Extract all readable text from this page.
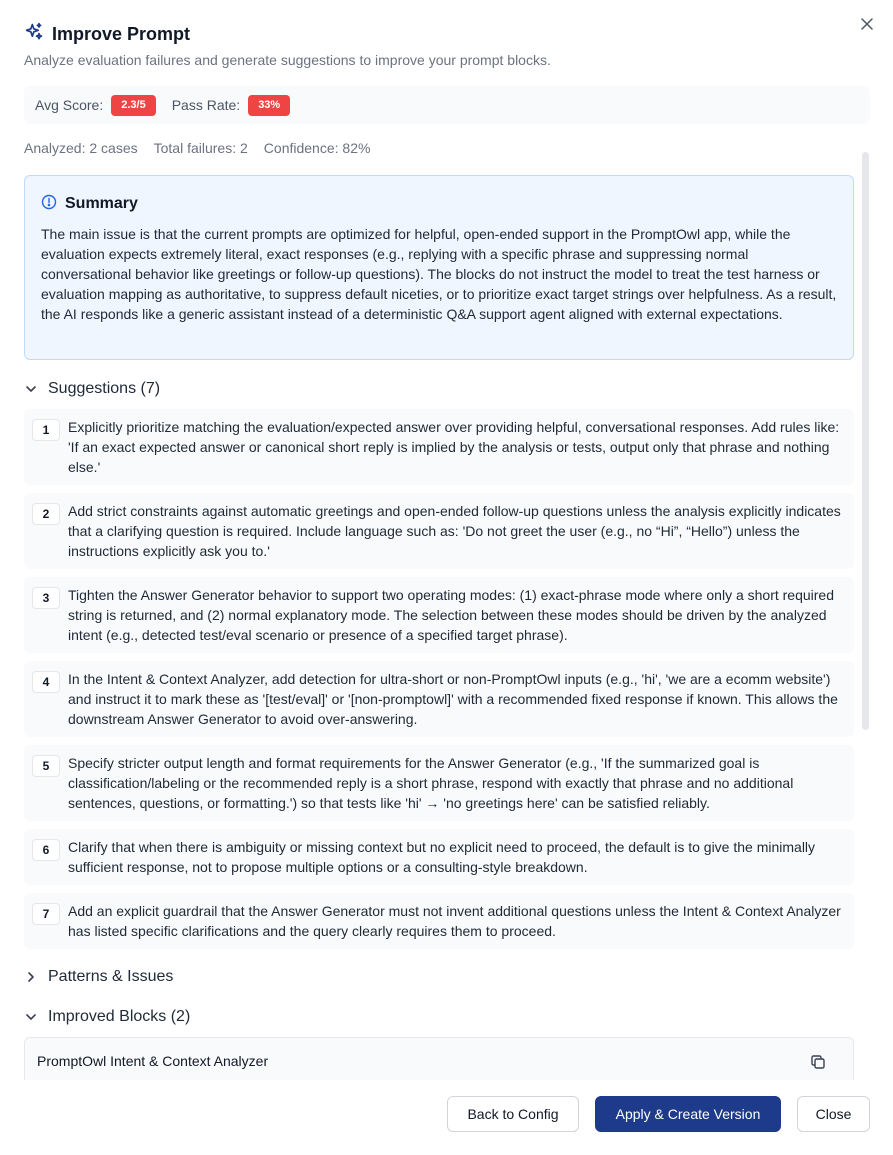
Improve Prompt
Analyze evaluation failures and generate suggestions to improve your prompt blocks.
Avg Score:	2.3/5	Pass Rate:	33%
Analyzed: 2 cases Total failures: 2 Confidence: 82%
Summary
The main issue is that the current prompts are optimized for helpful, open-ended support in the PromptOwl app, while the evaluation expects extremely literal, exact responses (e.g., replying with a specific phrase and suppressing normal conversational behavior like greetings or follow-up questions). The blocks do not instruct the model to treat the test harness or evaluation mapping as authoritative, to suppress default niceties, or to prioritize exact target strings over helpfulness. As a result, the AI responds like a generic assistant instead of a deterministic Q&A support agent aligned with external expectations.
Suggestions (7)
1	Explicitly prioritize matching the evaluation/expected answer over providing helpful, conversational responses. Add rules like: 'If an exact expected answer or canonical short reply is implied by the analysis or tests, output only that phrase and nothing else.'
2	Add strict constraints against automatic greetings and open-ended follow-up questions unless the analysis explicitly indicates that a clarifying question is required. Include language such as: 'Do not greet the user (e.g., no “Hi”, “Hello”) unless the instructions explicitly ask you to.'
3	Tighten the Answer Generator behavior to support two operating modes: (1) exact-phrase mode where only a short required string is returned, and (2) normal explanatory mode. The selection between these modes should be driven by the analyzed intent (e.g., detected test/eval scenario or presence of a specified target phrase).
4	In the Intent & Context Analyzer, add detection for ultra-short or non-PromptOwl inputs (e.g., 'hi', 'we are a ecomm website') and instruct it to mark these as '[test/eval]' or '[non-promptowl]' with a recommended fixed response if known. This allows the downstream Answer Generator to avoid over-answering.
5	Specify stricter output length and format requirements for the Answer Generator (e.g., 'If the summarized goal is classification/labeling or the recommended reply is a short phrase, respond with exactly that phrase and no additional sentences, questions, or formatting.') so that tests like 'hi' → 'no greetings here' can be satisfied reliably.
6	Clarify that when there is ambiguity or missing context but no explicit need to proceed, the default is to give the minimally sufficient response, not to propose multiple options or a consulting-style breakdown.
7	Add an explicit guardrail that the Answer Generator must not invent additional questions unless the Intent & Context Analyzer has listed specific clarifications and the query clearly requires them to proceed.
Patterns & Issues
Improved Blocks (2)
PromptOwl Intent & Context Analyzer
Back to Config	Apply & Create Version	Close
